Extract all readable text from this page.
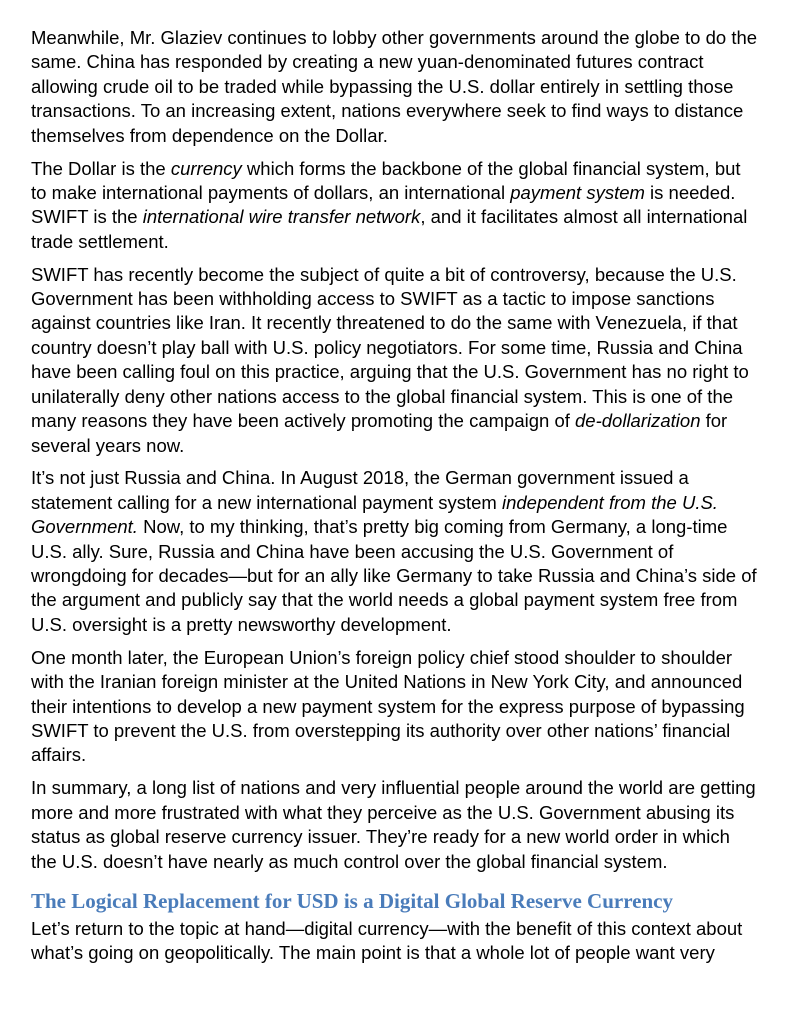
Meanwhile, Mr. Glaziev continues to lobby other governments around the globe to do the same. China has responded by creating a new yuan-denominated futures contract allowing crude oil to be traded while bypassing the U.S. dollar entirely in settling those transactions. To an increasing extent, nations everywhere seek to find ways to distance themselves from dependence on the Dollar.

The Dollar is the currency which forms the backbone of the global financial system, but to make international payments of dollars, an international payment system is needed. SWIFT is the international wire transfer network, and it facilitates almost all international trade settlement.

SWIFT has recently become the subject of quite a bit of controversy, because the U.S. Government has been withholding access to SWIFT as a tactic to impose sanctions against countries like Iran. It recently threatened to do the same with Venezuela, if that country doesn’t play ball with U.S. policy negotiators. For some time, Russia and China have been calling foul on this practice, arguing that the U.S. Government has no right to unilaterally deny other nations access to the global financial system. This is one of the many reasons they have been actively promoting the campaign of de-dollarization for several years now.

It’s not just Russia and China. In August 2018, the German government issued a statement calling for a new international payment system independent from the U.S. Government. Now, to my thinking, that’s pretty big coming from Germany, a long-time U.S. ally. Sure, Russia and China have been accusing the U.S. Government of wrongdoing for decades—but for an ally like Germany to take Russia and China’s side of the argument and publicly say that the world needs a global payment system free from U.S. oversight is a pretty newsworthy development.

One month later, the European Union’s foreign policy chief stood shoulder to shoulder with the Iranian foreign minister at the United Nations in New York City, and announced their intentions to develop a new payment system for the express purpose of bypassing SWIFT to prevent the U.S. from overstepping its authority over other nations’ financial affairs.

In summary, a long list of nations and very influential people around the world are getting more and more frustrated with what they perceive as the U.S. Government abusing its status as global reserve currency issuer. They’re ready for a new world order in which the U.S. doesn’t have nearly as much control over the global financial system.

The Logical Replacement for USD is a Digital Global Reserve Currency

Let’s return to the topic at hand—digital currency—with the benefit of this context about what’s going on geopolitically. The main point is that a whole lot of people want very
